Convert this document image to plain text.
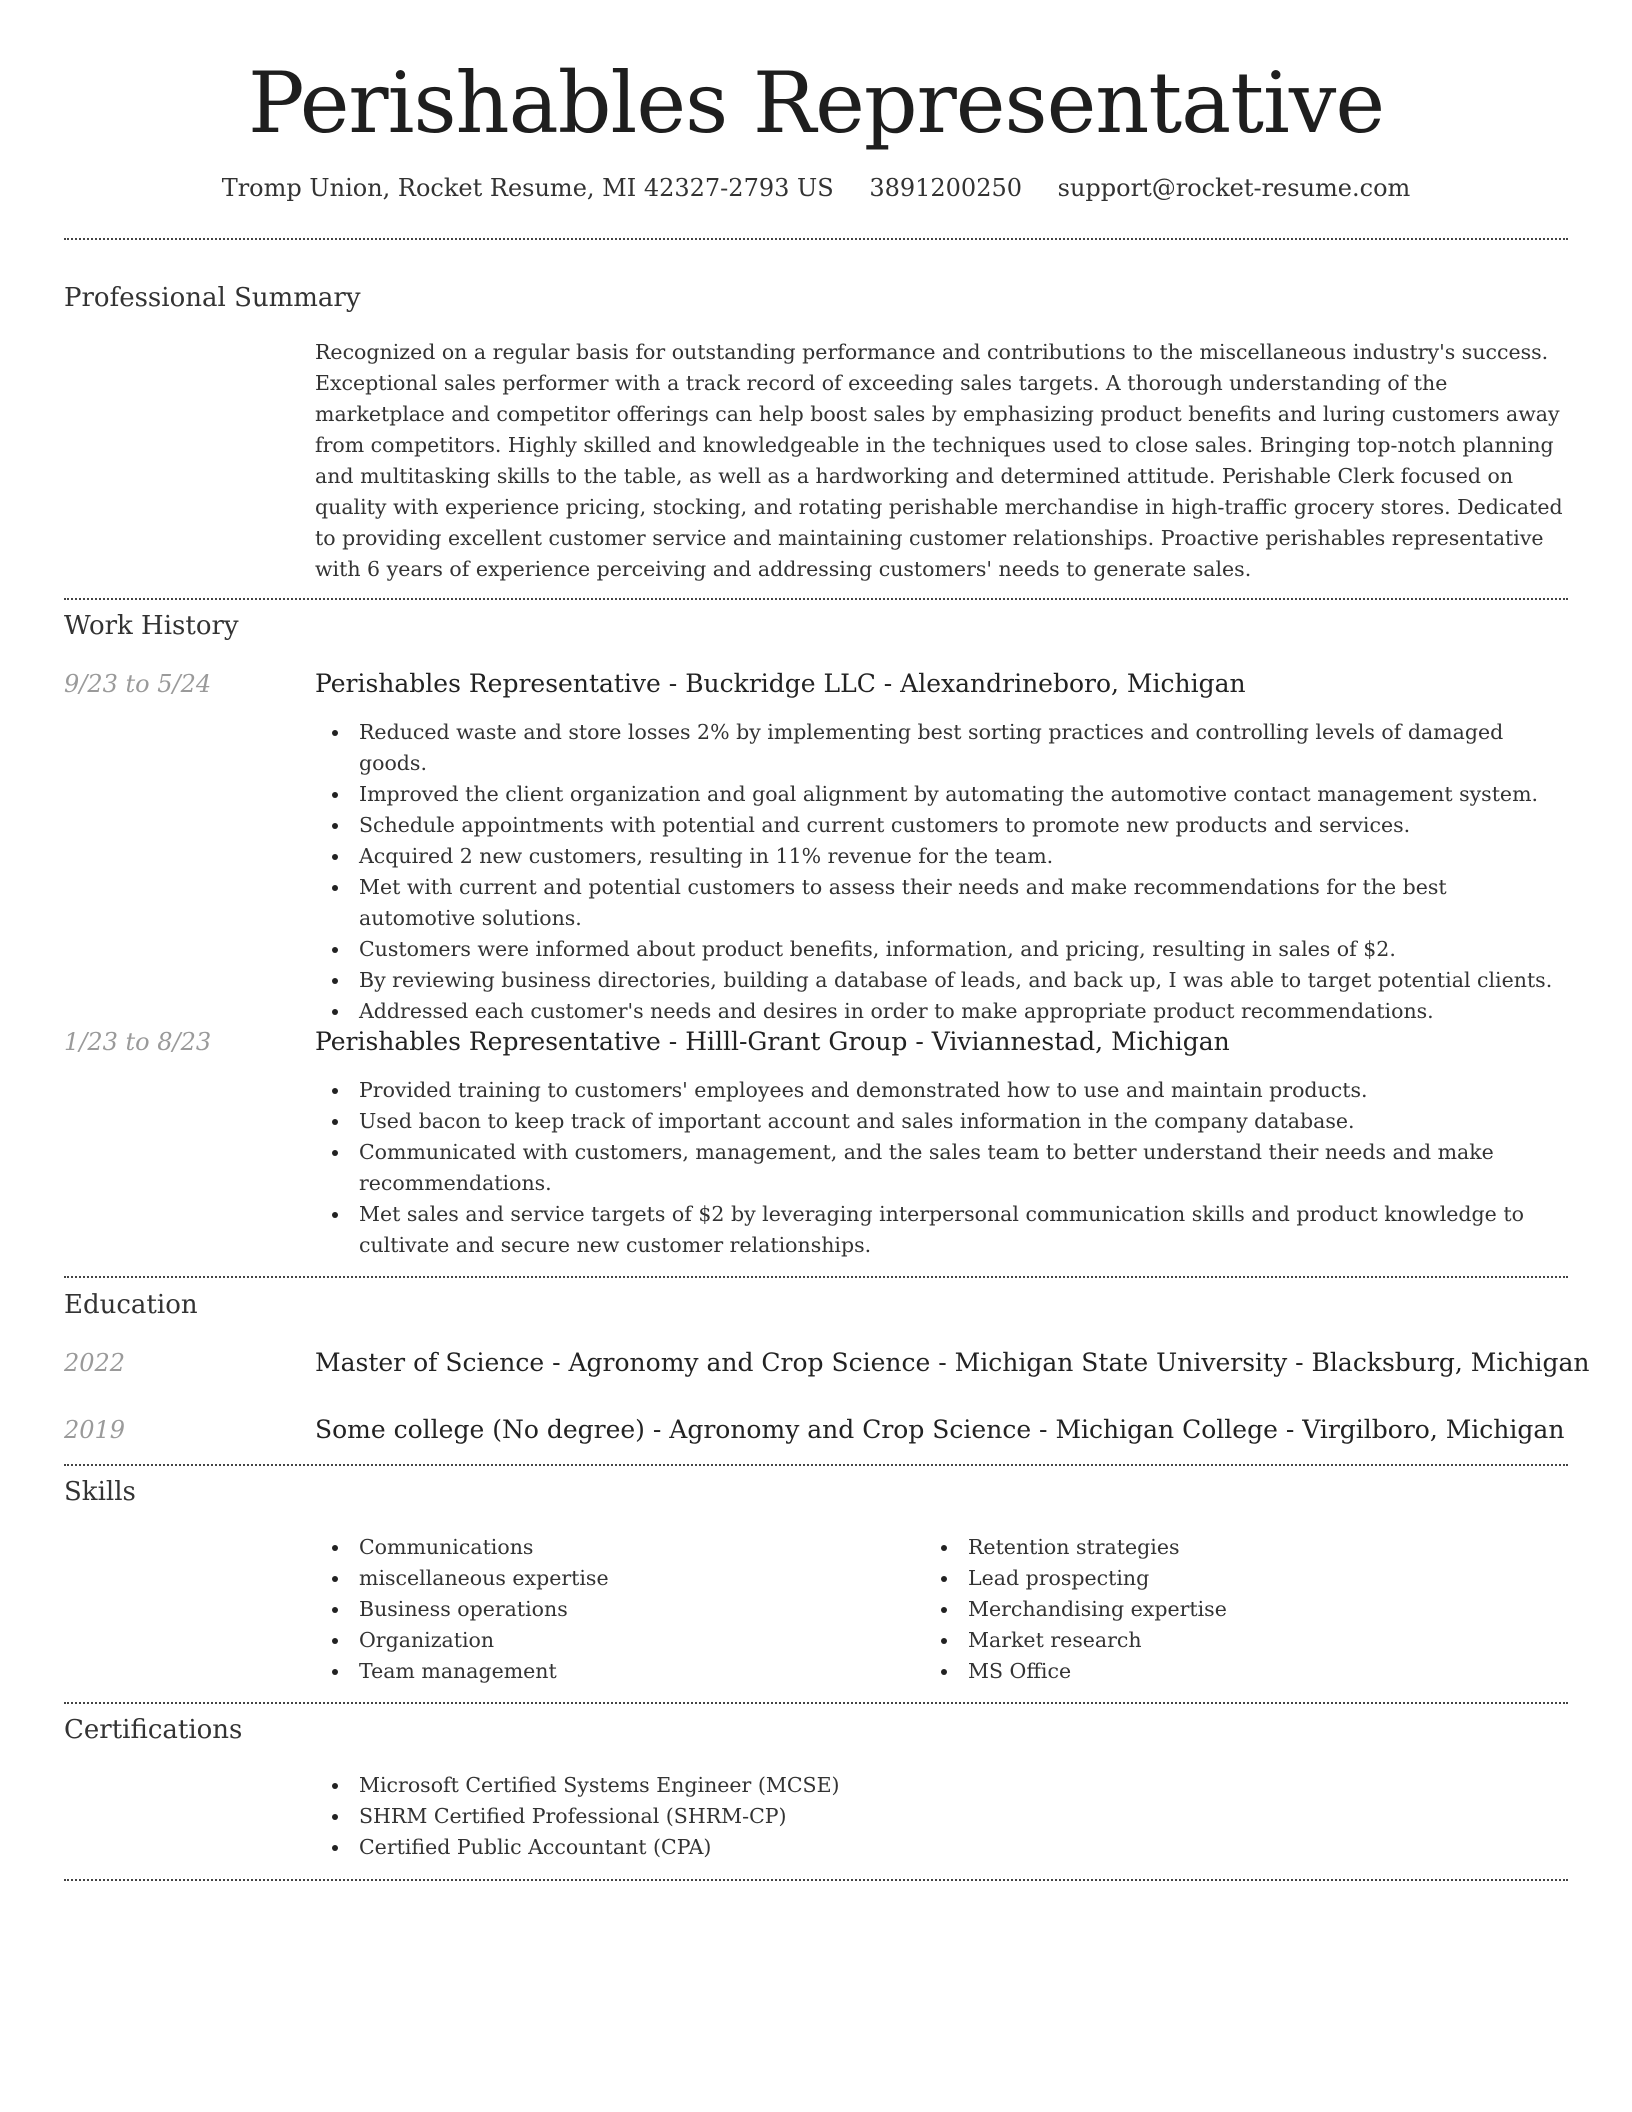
Perishables Representative
Tromp Union, Rocket Resume, MI 42327-2793 US 3891200250 support@rocket-resume.com
Professional Summary

Recognized on a regular basis for outstanding performance and contributions to the miscellaneous industry's success. Exceptional sales performer with a track record of exceeding sales targets. A thorough understanding of the marketplace and competitor offerings can help boost sales by emphasizing product benefits and luring customers away from competitors. Highly skilled and knowledgeable in the techniques used to close sales. Bringing top-notch planning and multitasking skills to the table, as well as a hardworking and determined attitude. Perishable Clerk focused on quality with experience pricing, stocking, and rotating perishable merchandise in high-traffic grocery stores. Dedicated to providing excellent customer service and maintaining customer relationships. Proactive perishables representative with 6 years of experience perceiving and addressing customers' needs to generate sales.

Work History
9/23 to 5/24	Perishables Representative - Buckridge LLC - Alexandrineboro, Michigan
Reduced waste and store losses 2% by implementing best sorting practices and controlling levels of damaged goods.
Improved the client organization and goal alignment by automating the automotive contact management system.
Schedule appointments with potential and current customers to promote new products and services.
Acquired 2 new customers, resulting in 11% revenue for the team.
Met with current and potential customers to assess their needs and make recommendations for the best automotive solutions.
Customers were informed about product benefits, information, and pricing, resulting in sales of $2.
By reviewing business directories, building a database of leads, and back up, I was able to target potential clients.
Addressed each customer's needs and desires in order to make appropriate product recommendations.
1/23 to 8/23	Perishables Representative - Hilll-Grant Group - Viviannestad, Michigan
Provided training to customers' employees and demonstrated how to use and maintain products.
Used bacon to keep track of important account and sales information in the company database.
Communicated with customers, management, and the sales team to better understand their needs and make recommendations.
Met sales and service targets of $2 by leveraging interpersonal communication skills and product knowledge to cultivate and secure new customer relationships.
Education
2022	Master of Science - Agronomy and Crop Science - Michigan State University - Blacksburg, Michigan
2019	Some college (No degree) - Agronomy and Crop Science - Michigan College - Virgilboro, Michigan
Skills
Communications
miscellaneous expertise
Business operations
Organization
Team management
Retention strategies
Lead prospecting
Merchandising expertise
Market research
MS Office
Certifications
Microsoft Certified Systems Engineer (MCSE)
SHRM Certified Professional (SHRM-CP)
Certified Public Accountant (CPA)
